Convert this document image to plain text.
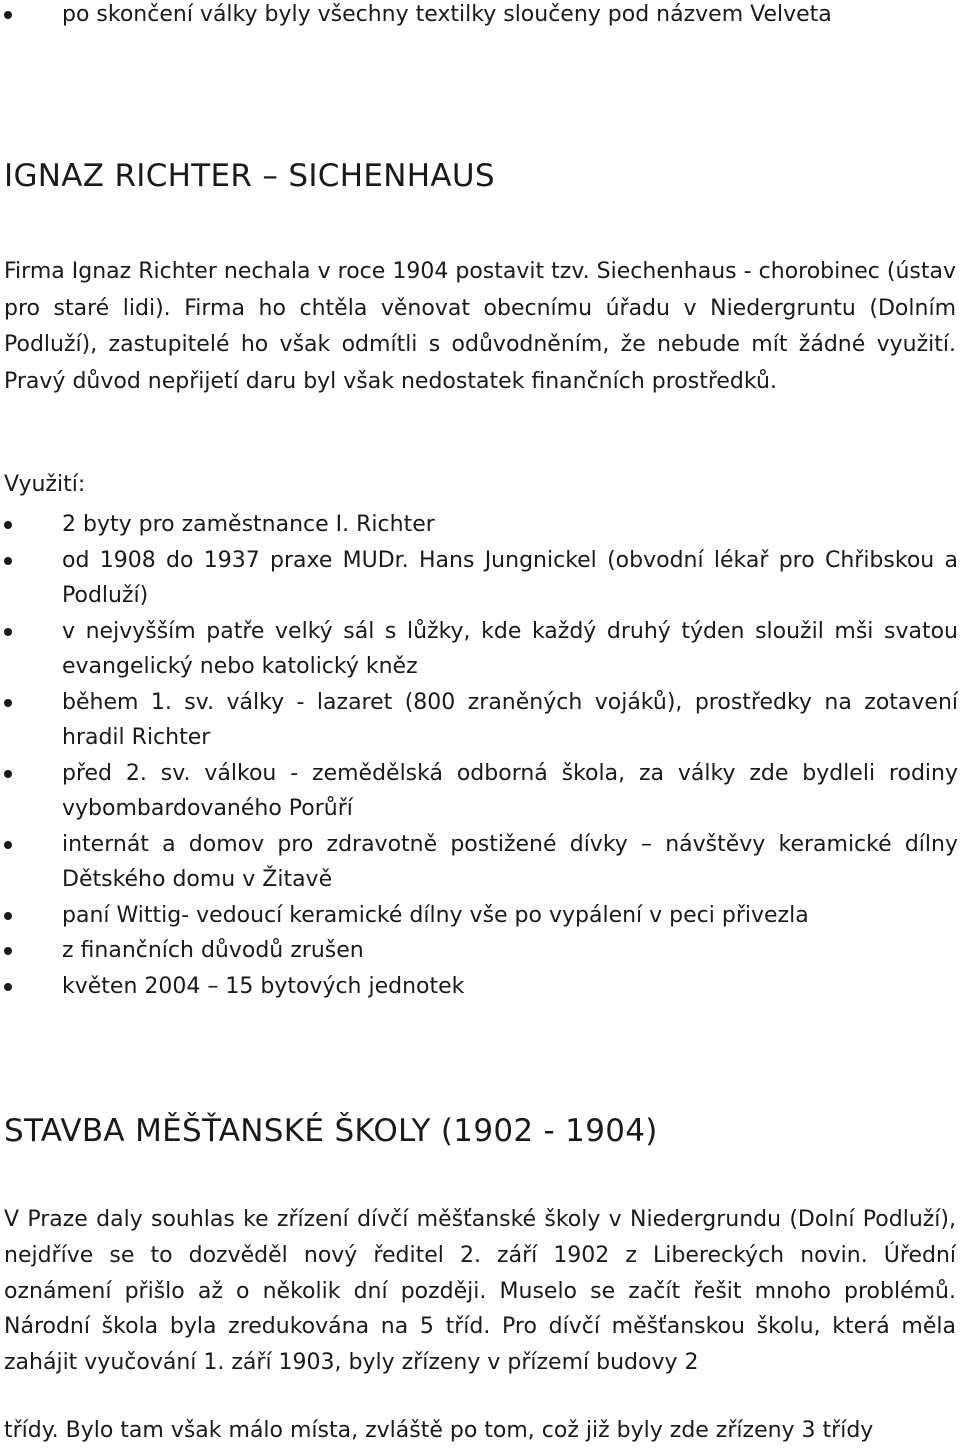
po skončení války byly všechny textilky sloučeny pod názvem Velveta
IGNAZ RICHTER – SICHENHAUS

Firma Ignaz Richter nechala v roce 1904 postavit tzv. Siechenhaus - chorobinec (ústav pro staré lidi). Firma ho chtěla věnovat obecnímu úřadu v Niedergruntu (Dolním Podluží), zastupitelé ho však odmítli s odůvodněním, že nebude mít žádné využití. Pravý důvod nepřijetí daru byl však nedostatek finančních prostředků.

Využití:

2 byty pro zaměstnance I. Richter
od 1908 do 1937 praxe MUDr. Hans Jungnickel (obvodní lékař pro Chřibskou a Podluží)
v nejvyšším patře velký sál s lůžky, kde každý druhý týden sloužil mši svatou evangelický nebo katolický kněz
během 1. sv. války - lazaret (800 zraněných vojáků), prostředky na zotavení hradil Richter
před 2. sv. válkou - zemědělská odborná škola, za války zde bydleli rodiny vybombardovaného Porůří
internát a domov pro zdravotně postižené dívky – návštěvy keramické dílny Dětského domu v Žitavě
paní Wittig- vedoucí keramické dílny vše po vypálení v peci přivezla
z finančních důvodů zrušen
květen 2004 – 15 bytových jednotek
STAVBA MĚŠŤANSKÉ ŠKOLY (1902 - 1904)

V Praze daly souhlas ke zřízení dívčí měšťanské školy v Niedergrundu (Dolní Podluží), nejdříve se to dozvěděl nový ředitel 2. září 1902 z Libereckých novin. Úřední oznámení přišlo až o několik dní později. Muselo se začít řešit mnoho problémů. Národní škola byla zredukována na 5 tříd. Pro dívčí měšťanskou školu, která měla zahájit vyučování 1. září 1903, byly zřízeny v přízemí budovy 2

třídy. Bylo tam však málo místa, zvláště po tom, což již byly zde zřízeny 3 třídy
